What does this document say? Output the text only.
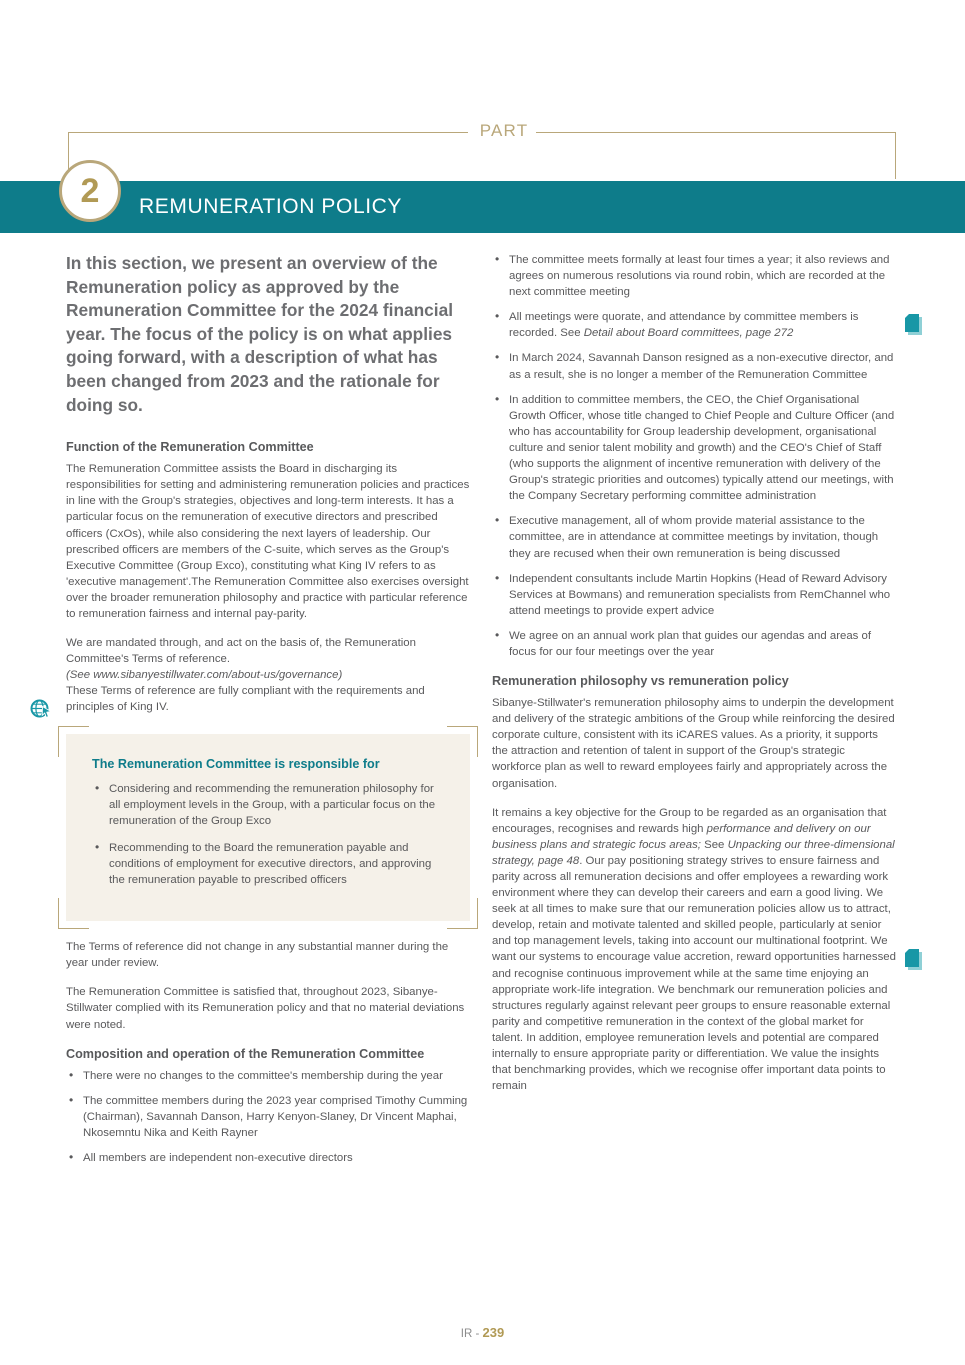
PART
REMUNERATION POLICY
2

In this section, we present an overview of the Remuneration policy as approved by the Remuneration Committee for the 2024 financial year. The focus of the policy is on what applies going forward, with a description of what has been changed from 2023 and the rationale for doing so.

Function of the Remuneration Committee

The Remuneration Committee assists the Board in discharging its responsibilities for setting and administering remuneration policies and practices in line with the Group's strategies, objectives and long-term interests. It has a particular focus on the remuneration of executive directors and prescribed officers (CxOs), while also considering the next layers of leadership. Our prescribed officers are members of the C-suite, which serves as the Group's Executive Committee (Group Exco), constituting what King IV refers to as 'executive management'.The Remuneration Committee also exercises oversight over the broader remuneration philosophy and practice with particular reference to remuneration fairness and internal pay-parity.

We are mandated through, and act on the basis of, the Remuneration Committee's Terms of reference.
(See www.sibanyestillwater.com/about-us/governance)
These Terms of reference are fully compliant with the requirements and principles of King IV.

The Remuneration Committee is responsible for
• Considering and recommending the remuneration philosophy for all employment levels in the Group, with a particular focus on the remuneration of the Group Exco
• Recommending to the Board the remuneration payable and conditions of employment for executive directors, and approving the remuneration payable to prescribed officers

The Terms of reference did not change in any substantial manner during the year under review.

The Remuneration Committee is satisfied that, throughout 2023, Sibanye-Stillwater complied with its Remuneration policy and that no material deviations were noted.

Composition and operation of the Remuneration Committee
• There were no changes to the committee's membership during the year
• The committee members during the 2023 year comprised Timothy Cumming (Chairman), Savannah Danson, Harry Kenyon-Slaney, Dr Vincent Maphai, Nkosemntu Nika and Keith Rayner
• All members are independent non-executive directors
• The committee meets formally at least four times a year; it also reviews and agrees on numerous resolutions via round robin, which are recorded at the next committee meeting
• All meetings were quorate, and attendance by committee members is recorded. See Detail about Board committees, page 272
• In March 2024, Savannah Danson resigned as a non-executive director, and as a result, she is no longer a member of the Remuneration Committee
• In addition to committee members, the CEO, the Chief Organisational Growth Officer, whose title changed to Chief People and Culture Officer (and who has accountability for Group leadership development, organisational culture and senior talent mobility and growth) and the CEO's Chief of Staff (who supports the alignment of incentive remuneration with delivery of the Group's strategic priorities and outcomes) typically attend our meetings, with the Company Secretary performing committee administration
• Executive management, all of whom provide material assistance to the committee, are in attendance at committee meetings by invitation, though they are recused when their own remuneration is being discussed
• Independent consultants include Martin Hopkins (Head of Reward Advisory Services at Bowmans) and remuneration specialists from RemChannel who attend meetings to provide expert advice
• We agree on an annual work plan that guides our agendas and areas of focus for our four meetings over the year
Remuneration philosophy vs remuneration policy

Sibanye-Stillwater's remuneration philosophy aims to underpin the development and delivery of the strategic ambitions of the Group while reinforcing the desired corporate culture, consistent with its iCARES values. As a priority, it supports the attraction and retention of talent in support of the Group's strategic workforce plan as well to reward employees fairly and appropriately across the organisation.

It remains a key objective for the Group to be regarded as an organisation that encourages, recognises and rewards high performance and delivery on our business plans and strategic focus areas; See Unpacking our three-dimensional strategy, page 48. Our pay positioning strategy strives to ensure fairness and parity across all remuneration decisions and offer employees a rewarding work environment where they can develop their careers and earn a good living. We seek at all times to make sure that our remuneration policies allow us to attract, develop, retain and motivate talented and skilled people, particularly at senior and top management levels, taking into account our multinational footprint. We want our systems to encourage value accretion, reward opportunities harnessed and recognise continuous improvement while at the same time enjoying an appropriate work-life integration. We benchmark our remuneration policies and structures regularly against relevant peer groups to ensure reasonable external parity and competitive remuneration in the context of the global market for talent. In addition, employee remuneration levels and potential are compared internally to ensure appropriate parity or differentiation. We value the insights that benchmarking provides, which we recognise offer important data points to remain

IR - 239
